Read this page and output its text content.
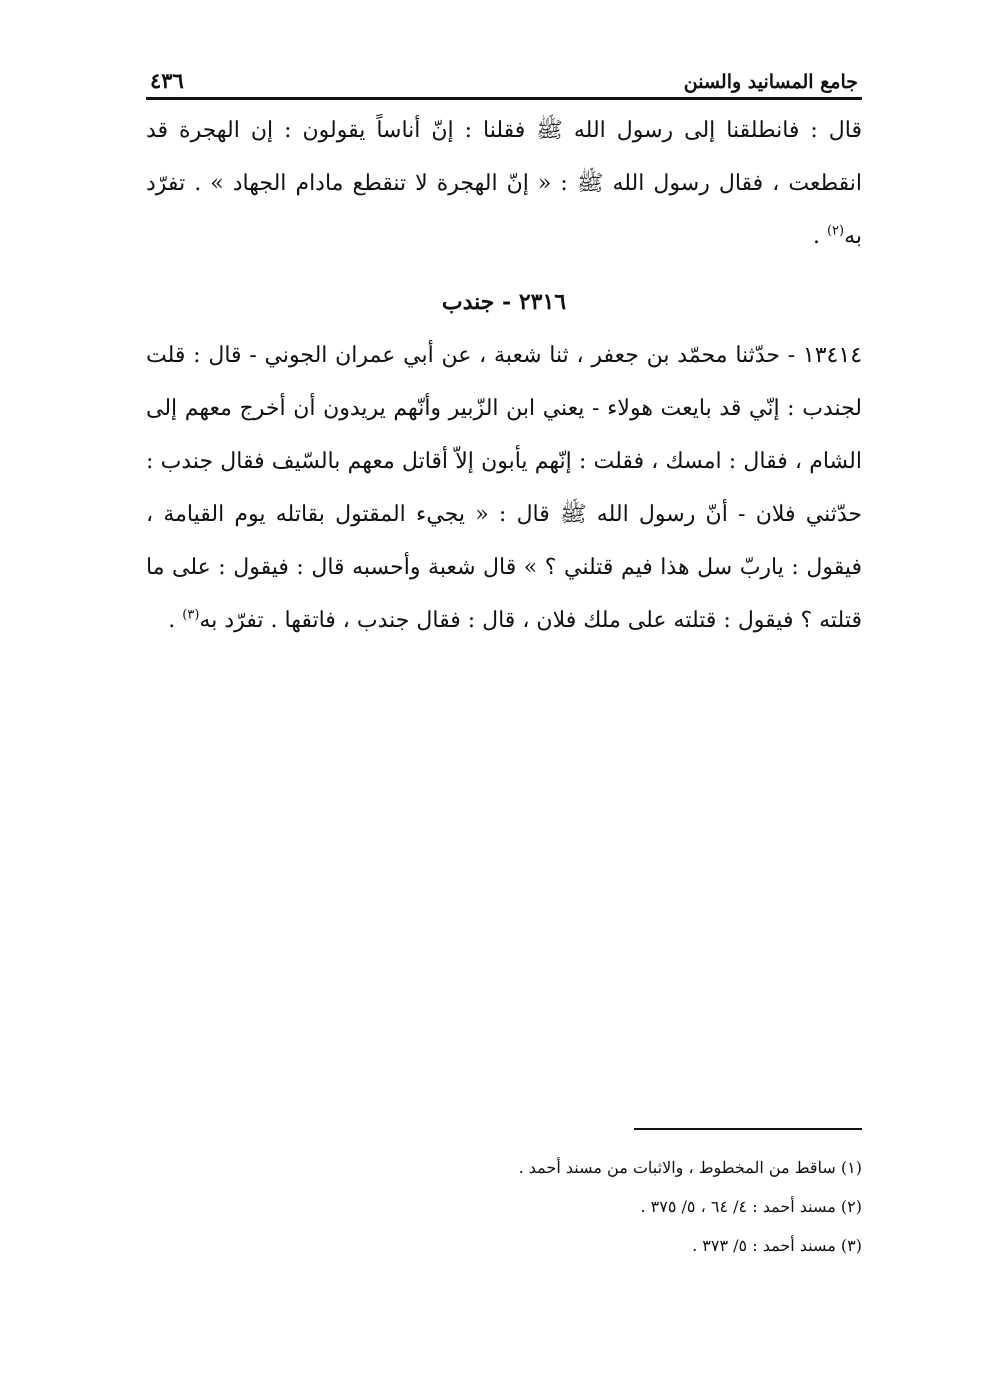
جامع المسانيد والسنن
٤٣٦

قال : فانطلقنا إلى رسول الله ﷺ فقلنا : إنّ أناساً يقولون : إن الهجرة قد انقطعت ، فقال رسول الله ﷺ : « إنّ الهجرة لا تنقطع مادام الجهاد » . تفرّد به$^{(٢)}$ .

٢٣١٦ - جندب

١٣٤١٤ - حدّثنا محمّد بن جعفر ، ثنا شعبة ، عن أبي عمران الجوني - قال : قلت لجندب : إنّي قد بايعت هولاء - يعني ابن الزّبير وأنّهم يريدون أن أخرج معهم إلى الشام ، فقال : امسك ، فقلت : إنّهم يأبون إلاّ أقاتل معهم بالسّيف فقال جندب : حدّثني فلان - أنّ رسول الله ﷺ قال : « يجيء المقتول بقاتله يوم القيامة ، فيقول : ياربّ سل هذا فيم قتلني ؟ » قال شعبة وأحسبه قال : فيقول : على ما قتلته ؟ فيقول : قتلته على ملك فلان ، قال : فقال جندب ، فاتقها . تفرّد به$^{(٣)}$ .

(١) ساقط من المخطوط ، والاثبات من مسند أحمد .

(٢) مسند أحمد : ٤/ ٦٤ ، ٥/ ٣٧٥ .

(٣) مسند أحمد : ٥/ ٣٧٣ .
